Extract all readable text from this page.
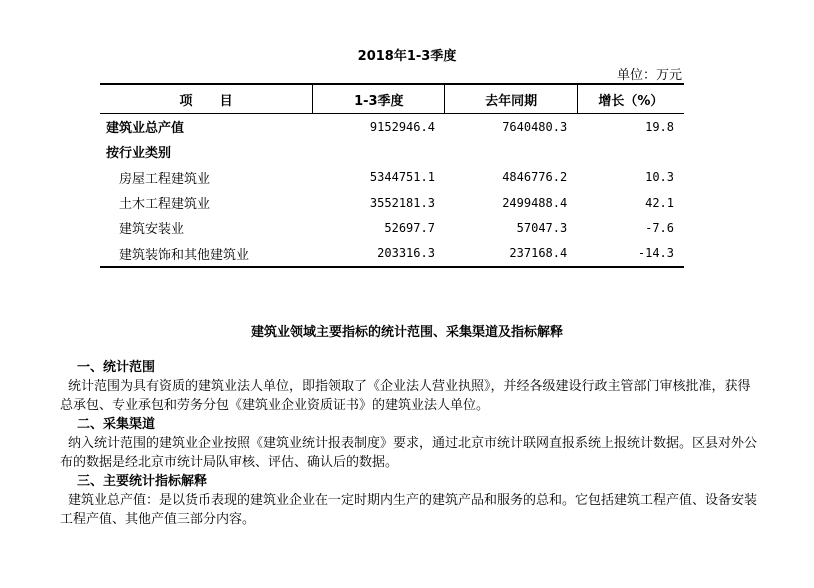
2018年1-3季度
单位：万元
项      目	1-3季度	去年同期	增长（%）
建筑业总产值	9152946.4	7640480.3	19.8
按行业类别			
房屋工程建筑业	5344751.1	4846776.2	10.3
土木工程建筑业	3552181.3	2499488.4	42.1
建筑安装业	52697.7	57047.3	-7.6
建筑装饰和其他建筑业	203316.3	237168.4	-14.3
建筑业领域主要指标的统计范围、采集渠道及指标解释
一、统计范围
统计范围为具有资质的建筑业法人单位，即指领取了《企业法人营业执照》，并经各级建设行政主管部门审核批准，获得总承包、专业承包和劳务分包《建筑业企业资质证书》的建筑业法人单位。
二、采集渠道
纳入统计范围的建筑业企业按照《建筑业统计报表制度》要求，通过北京市统计联网直报系统上报统计数据。区县对外公布的数据是经北京市统计局队审核、评估、确认后的数据。
三、主要统计指标解释
建筑业总产值：是以货币表现的建筑业企业在一定时期内生产的建筑产品和服务的总和。它包括建筑工程产值、设备安装工程产值、其他产值三部分内容。
